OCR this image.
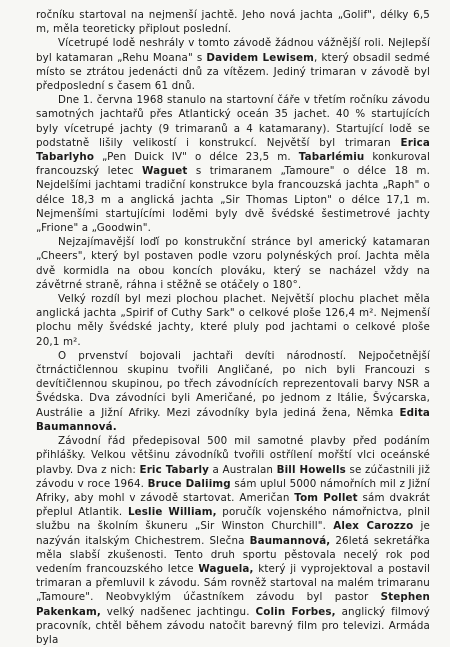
ročníku startoval na nejmenší jachtě. Jeho nová jachta „Golif", délky 6,5 m, měla teoreticky připlout poslední.

Vícetrupé lodě neshrály v tomto závodě žádnou vážnější roli. Nejlepší byl katamaran „Rehu Moana" s Davidem Lewisem, který obsadil sedmé místo se ztrátou jedenácti dnů za vítězem. Jediný trimaran v závodě byl předposlední s časem 61 dnů.

Dne 1. června 1968 stanulo na startovní čáře v třetím ročníku závodu samotných jachtařů přes Atlantický oceán 35 jachet. 40 % startujících byly vícetrupé jachty (9 trimaranů a 4 katamarany). Startující lodě se podstatně lišily velikostí i konstrukcí. Největší byl trimaran Erica Tabarlyho „Pen Duick IV" o délce 23,5 m. Tabarlémiu konkuroval francouzský letec Waguet s trimaranem „Tamoure" o délce 18 m. Nejdelšími jachtami tradiční konstrukce byla francouzská jachta „Raph" o délce 18,3 m a anglická jachta „Sir Thomas Lipton" o délce 17,1 m. Nejmenšími startujícími loděmi byly dvě švédské šestimetrové jachty „Frione" a „Goodwin".

Nejzajímavější loďí po konstrukční stránce byl americký katamaran „Cheers", který byl postaven podle vzoru polynéských proí. Jachta měla dvě kormidla na obou koncích plováku, který se nacházel vždy na závětrné straně, ráhna i stěžně se otáčely o 180°.

Velký rozdíl byl mezi plochou plachet. Největší plochu plachet měla anglická jachta „Spirif of Cuthy Sark" o celkové ploše 126,4 m². Nejmenší plochu měly švédské jachty, které pluly pod jachtami o celkové ploše 20,1 m².

O prvenství bojovali jachtaři devíti národností. Nejpočetnější čtrnáctičlennou skupinu tvořili Angličané, po nich byli Francouzi s devítičlennou skupinou, po třech závodnících reprezentovali barvy NSR a Švédska. Dva závodníci byli Američané, po jednom z Itálie, Švýcarska, Austrálie a Jižní Afriky. Mezi závodníky byla jediná žena, Němka Edita Baumannová.

Závodní řád předepisoval 500 mil samotné plavby před podáním přihlášky. Velkou většinu závodníků tvořili ostřílení mořští vlci oceánské plavby. Dva z nich: Eric Tabarly a Australan Bill Howells se zúčastnili již závodu v roce 1964. Bruce Daliimg sám uplul 5000 námořních mil z Jižní Afriky, aby mohl v závodě startovat. Američan Tom Pollet sám dvakrát přeplul Atlantik. Leslie William, poručík vojenského námořnictva, plnil službu na školním škuneru „Sir Winston Churchill". Alex Carozzo je nazýván italským Chichestrem. Slečna Baumannová, 26letá sekretářka měla slabší zkušenosti. Tento druh sportu pěstovala necelý rok pod vedením francouzského letce Waguela, který ji vyprojektoval a postavil trimaran a přemluvil k závodu. Sám rovněž startoval na malém trimaranu „Tamoure". Neobvyklým účastníkem závodu byl pastor Stephen Pakenkam, velký nadšenec jachtingu. Colin Forbes, anglický filmový pracovník, chtěl během závodu natočit barevný film pro televizi. Armáda byla
